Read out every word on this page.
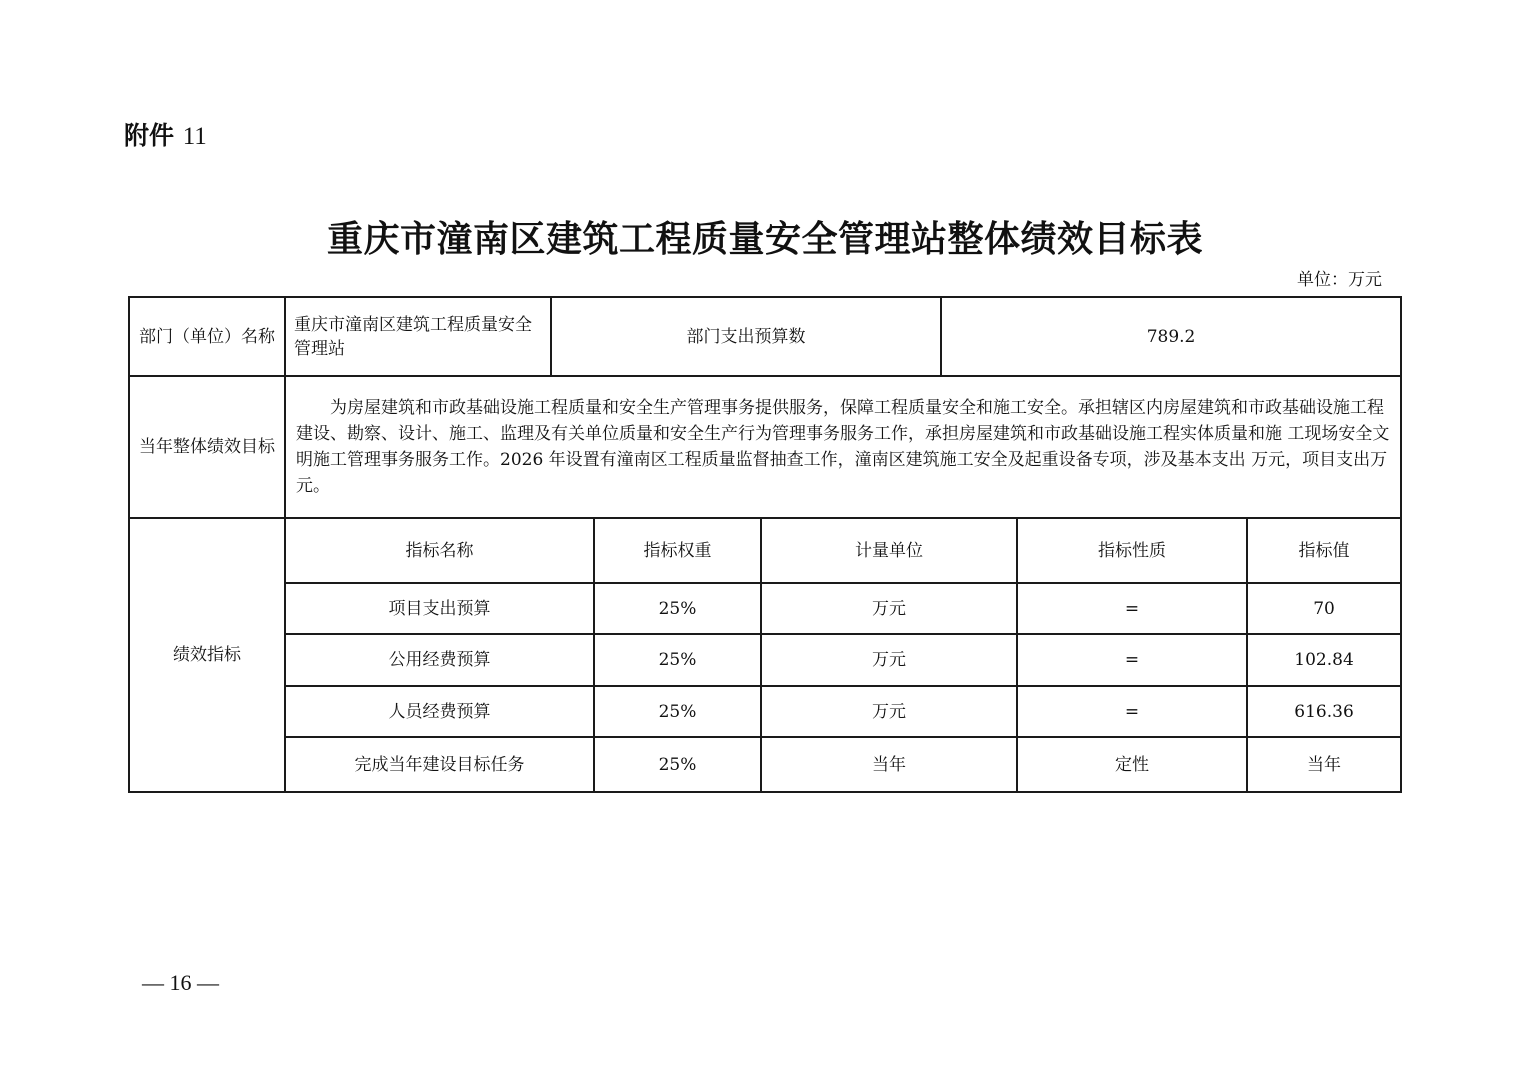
附件 11
重庆市潼南区建筑工程质量安全管理站整体绩效目标表
单位：万元
部门（单位）名称	重庆市潼南区建筑工程质量安全管理站	部门支出预算数			789.2		
当年整体绩效目标	为房屋建筑和市政基础设施工程质量和安全生产管理事务提供服务，保障工程质量安全和施工安全。承担辖区内房屋建筑和市政基础设施工程建设、勘察、设计、施工、监理及有关单位质量和安全生产行为管理事务服务工作，承担房屋建筑和市政基础设施工程实体质量和施 工现场安全文明施工管理事务服务工作。2026 年设置有潼南区工程质量监督抽查工作，潼南区建筑施工安全及起重设备专项，涉及基本支出 万元，项目支出万元。						
绩效指标	指标名称		指标权重	计量单位		指标性质	指标值
	项目支出预算		25%	万元		=	70
	公用经费预算		25%	万元		=	102.84
	人员经费预算		25%	万元		=	616.36
	完成当年建设目标任务		25%	当年		定性	当年
— 16 —
